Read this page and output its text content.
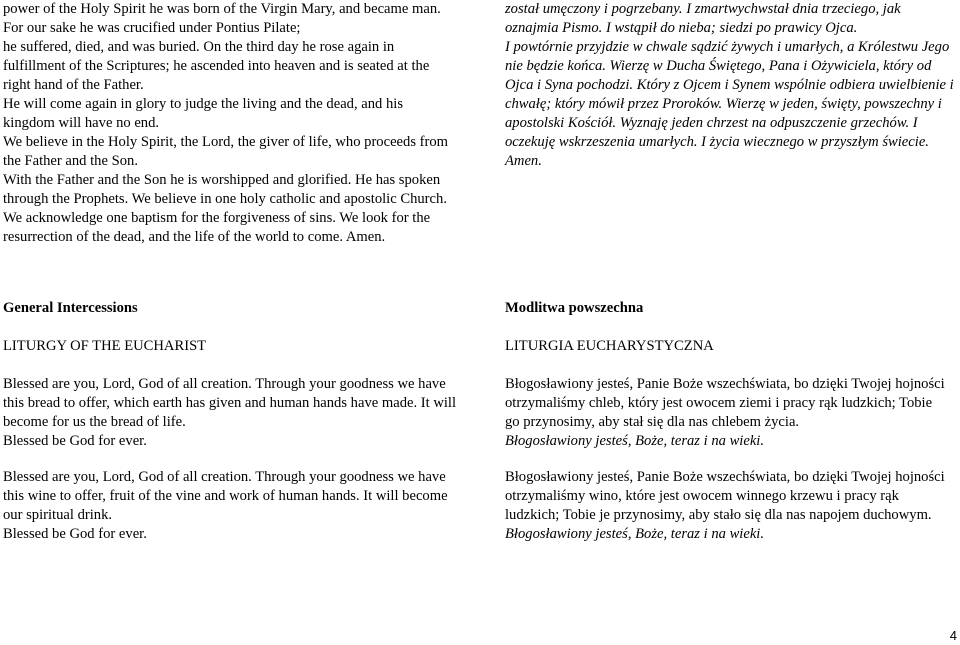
power of the Holy Spirit he was born of the Virgin Mary, and became man.

For our sake he was crucified under Pontius Pilate;

he suffered, died, and was buried. On the third day he rose again in fulfillment of the Scriptures; he ascended into heaven and is seated at the right hand of the Father.

He will come again in glory to judge the living and the dead, and his kingdom will have no end.

We believe in the Holy Spirit, the Lord, the giver of life, who proceeds from the Father and the Son.

With the Father and the Son he is worshipped and glorified. He has spoken through the Prophets. We believe in one holy catholic and apostolic Church. We acknowledge one baptism for the forgiveness of sins. We look for the resurrection of the dead, and the life of the world to come. Amen.

został umęczony i pogrzebany. I zmartwychwstał dnia trzeciego, jak oznajmia Pismo. I wstąpił do nieba; siedzi po prawicy Ojca.

I powtórnie przyjdzie w chwale sądzić żywych i umarłych, a Królestwu Jego nie będzie końca. Wierzę w Ducha Świętego, Pana i Ożywiciela, który od Ojca i Syna pochodzi. Który z Ojcem i Synem wspólnie odbiera uwielbienie i chwałę; który mówił przez Proroków. Wierzę w jeden, święty, powszechny i apostolski Kościół. Wyznaję jeden chrzest na odpuszczenie grzechów. I oczekuję wskrzeszenia umarłych. I życia wiecznego w przyszłym świecie. Amen.

General Intercessions	Modlitwa powszechna
LITURGY OF THE EUCHARIST	LITURGIA EUCHARYSTYCZNA

Blessed are you, Lord, God of all creation. Through your goodness we have this bread to offer, which earth has given and human hands have made. It will become for us the bread of life.

Blessed be God for ever.

Błogosławiony jesteś, Panie Boże wszechświata, bo dzięki Twojej hojności otrzymaliśmy chleb, który jest owocem ziemi i pracy rąk ludzkich; Tobie go przynosimy, aby stał się dla nas chlebem życia.

Błogosławiony jesteś, Boże, teraz i na wieki.

Blessed are you, Lord, God of all creation. Through your goodness we have this wine to offer, fruit of the vine and work of human hands. It will become our spiritual drink.

Blessed be God for ever.

Błogosławiony jesteś, Panie Boże wszechświata, bo dzięki Twojej hojności otrzymaliśmy wino, które jest owocem winnego krzewu i pracy rąk ludzkich; Tobie je przynosimy, aby stało się dla nas napojem duchowym.

Błogosławiony jesteś, Boże, teraz i na wieki.

4
